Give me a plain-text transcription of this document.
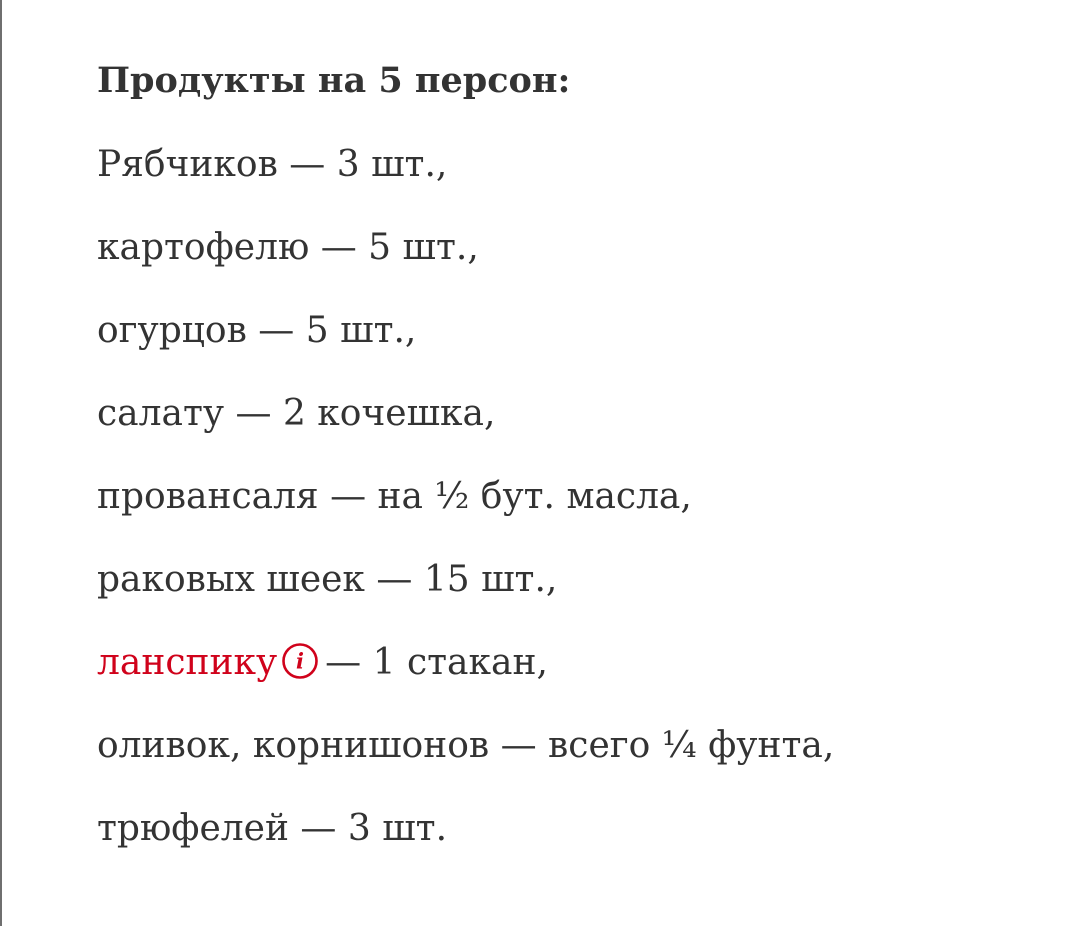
Продукты на 5 персон:

Рябчиков — 3 шт.,
картофелю — 5 шт.,
огурцов — 5 шт.,
салату — 2 кочешка,
провансаля — на ½ бут. масла,
раковых шеек — 15 шт.,
ланспику i — 1 стакан,
оливок, корнишонов — всего ¼ фунта,
трюфелей — 3 шт.
